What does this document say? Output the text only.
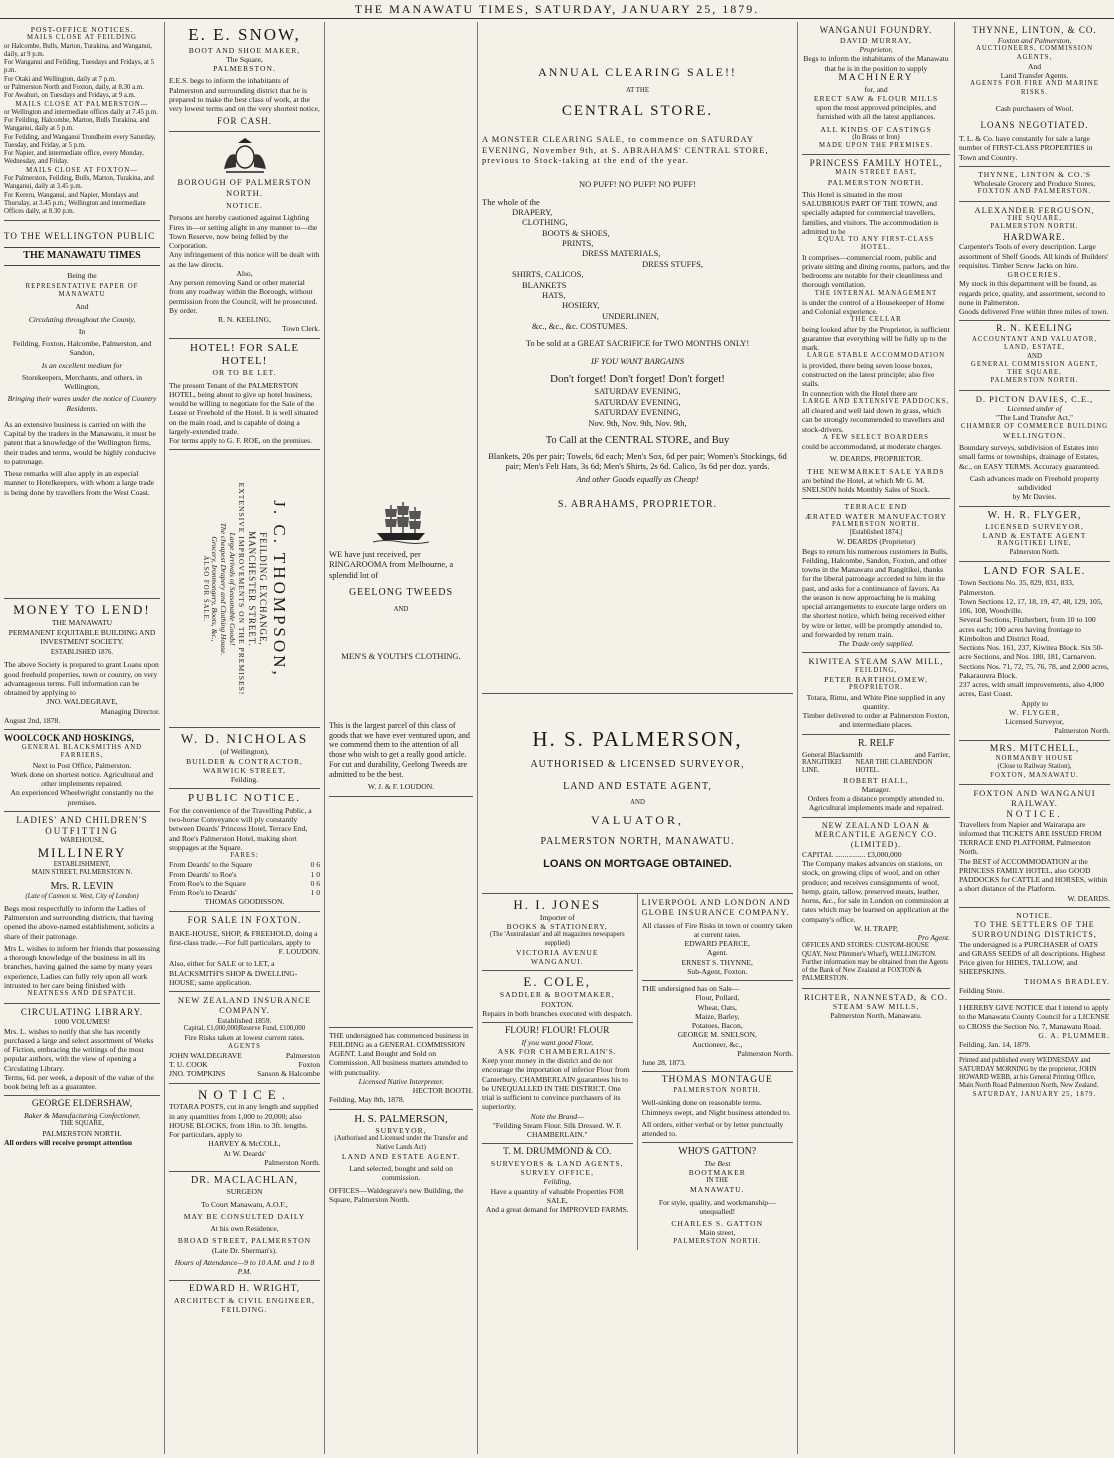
THE MANAWATU TIMES, SATURDAY, JANUARY 25, 1879.
POST-OFFICE NOTICES.
MAILS CLOSE AT FEILDING
or Halcombe, Bulls, Marton, Turakina, and Wanganui, daily, at 9 p.m.
For Wanganui and Feilding, Tuesdays and Fridays, at 5 p.m.
For Otaki and Wellington, daily at 7 p.m.
or Palmerston North and Foxton, daily, at 8.30 a.m.
For Awahuri, on Tuesdays and Fridays, at 9 a.m.
MAILS CLOSE AT PALMERSTON—
or Wellington and intermediate offices daily at 7.45 p.m.
For Feilding, Halcombe, Marton, Bulls Turakina, and Wanganui, daily at 5 p.m.
For Feilding, and Wanganui Trondheim every Saturday, Tuesday, and Friday, at 5 p.m.
For Napier, and intermediate office, every Monday, Wednesday, and Friday.
MAILS CLOSE AT FOXTON—
For Palmerston, Feilding, Bulls, Marton, Turakina, and Wanganui, daily at 3.45 p.m.
For Kereru, Wanganui, and Napier, Mondays and Thursday, at 3.45 p.m.; Wellington and intermediate Offices daily, at 8.30 p.m.
TO THE WELLINGTON PUBLIC
THE MANAWATU TIMES
Being the
REPRESENTATIVE PAPER OF MANAWATU
And
Circulating throughout the County,
In
Feilding, Foxton, Halcombe, Palmerston, and Sandon,
Is an excellent medium for
Storekeepers, Merchants, and others, in Wellington,
Bringing their wares under the notice of Country Residents.
As an extensive business is carried on with the Capital by the traders in the Manawatu, it must be patent that a knowledge of the Wellington firms, their trades and terms, would be highly conducive to patronage.
These remarks will also apply in an especial manner to Hotelkeepers, with whom a large trade is being done by travellers from the West Coast.
MONEY TO LEND!
THE MANAWATU
PERMANENT EQUITABLE BUILDING AND INVESTMENT SOCIETY.
ESTABLISHED 1876.
The above Society is prepared to grant Loans upon good freehold properties, town or country, on very advantageous terms. Full information can be obtained by applying to
JNO. WALDEGRAVE,
Managing Director.
August 2nd, 1878.
WOOLCOCK AND HOSKINGS,
GENERAL BLACKSMITHS AND FARRIERS,
Next to Post Office, Palmerston.
Work done on shortest notice. Agricultural and other implements repaired.
An experienced Wheelwright constantly no the premises.
LADIES' AND CHILDREN'S
OUTFITTING
WAREHOUSE,
MILLINERY
ESTABLISHMENT,
MAIN STREET, PALMERSTON N.
Mrs. R. LEVIN
(Late of Cannon st. West, City of London)
Begs most respectfully to inform the Ladies of Palmerston and surrounding districts, that having opened the above-named establishment, solicits a share of their patronage.
Mrs L. wishes to inform her friends that possessing a thorough knowledge of the business in all its branches, having gained the same by many years experience, Ladies can fully rely upon all work intrusted to her care being finished with
NEATNESS AND DESPATCH.
CIRCULATING LIBRARY.
1000 VOLUMES!
Mrs. L. wishes to notify that she has recently purchased a large and select assortment of Works of Fiction, embracing the writings of the most popular authors, with the view of opening a Circulating Library.
Terms, 6d. per week, a deposit of the value of the book being left as a guarantee.
GEORGE ELDERSHAW,
Baker & Manufacturing Confectioner,
THE SQUARE,
PALMERSTON NORTH.
All orders will receive prompt attention
E. E. SNOW,
BOOT AND SHOE MAKER,
The Square,
PALMERSTON.
E.E.S. begs to inform the inhabitants of Palmerston and surrounding district that he is prepared to make the best class of work, at the very lowest terms and on the very shortest notice,
FOR CASH.
BOROUGH OF PALMERSTON NORTH.
NOTICE.
Persons are hereby cautioned against Lighting Fires in—or setting alight in any manner to—the Town Reserve, now being felled by the Corporation.
Any infringement of this notice will be dealt with as the law directs.
Also,
Any person removing Sand or other material from any roadway within the Borough, without permission from the Council, will be prosecuted.
By order.
R. N. KEELING,
Town Clerk.
HOTEL! FOR SALE HOTEL!
OR TO BE LET.
The present Tenant of the PALMERSTON HOTEL, being about to give up hotel business, would be willing to negotiate for the Sale of the Lease or Freehold of the Hotel. It is well situated on the main road, and is capable of doing a largely-extended trade.
For terms apply to G. F. ROE, on the premises.
J. C. THOMPSON,
FEILDING EXCHANGE,
MANCHESTER STREET.
EXTENSIVE IMPROVEMENTS ON THE PREMISES!
Large Arrivals of Seasonable Goods!
The cheapest Drapery and Clothing House.
Grocery, Ironmongery, Boots, &c.,
ALSO FOR SALE.
W. D. NICHOLAS
(of Wellington),
BUILDER & CONTRACTOR,
WARWICK STREET,
Feilding.
PUBLIC NOTICE.
For the convenience of the Travelling Public, a two-horse Conveyance will ply constantly between Deards' Princess Hotel, Terrace End, and Roe's Palmerston Hotel, making short stoppages at the Square.
FARES:
From Deards' to the Square	0 6
From Deards' to Roe's	1 0
From Roe's to the Square	0 6
From Roe's to Deards'	1 0
THOMAS GOODISSON.
FOR SALE IN FOXTON.
BAKE-HOUSE, SHOP, & FREEHOLD, doing a first-class trade.—For full particulars, apply to
F. LOUDON.
Also, either for SALE or to LET, a BLACKSMITH'S SHOP & DWELLING-HOUSE; same application.
NEW ZEALAND INSURANCE COMPANY.
Established 1859.
Capital, £1,000,000|Reserve Fund, £100,000
Fire Risks taken at lowest current rates.
AGENTS
JOHN WALDEGRAVE	Palmerston
T. U. COOK	Foxton
JNO. TOMPKINS	Sanson & Halcombe
NOTICE.
TOTARA POSTS, cut in any length and supplied in any quantities from 1,000 to 20,000; also HOUSE BLOCKS, from 18in. to 3ft. lengths. For particulars, apply to
HARVEY & McCOLL,
At W. Deards'
Palmerston North.
DR. MACLACHLAN,
SURGEON
To Court Manawatu, A.O.F.,
MAY BE CONSULTED DAILY
At his own Residence,
BROAD STREET, PALMERSTON
(Late Dr. Sherman's).
Hours of Attendance—9 to 10 A.M. and 1 to 8 P.M.
EDWARD H. WRIGHT,
ARCHITECT & CIVIL ENGINEER,
FEILDING.
WE have just received, per RINGAROOMA from Melbourne, a splendid lot of
GEELONG TWEEDS
AND
MEN'S & YOUTH'S CLOTHING.
This is the largest parcel of this class of goods that we have ever ventured upon, and we commend them to the attention of all those who wish to get a really good article. For cut and durability, Geelong Tweeds are admitted to be the best.
W. J. & F. LOUDON.
THE undersigned has commenced business in FEILDING as a GENERAL COMMISSION AGENT. Land Bought and Sold on Commission. All business matters attended to with punctuality.
Licensed Native Interpreter.
HECTOR BOOTH.
Feilding, May 8th, 1878.
H. S. PALMERSON,
SURVEYOR,
(Authorised and Licensed under the Transfer and Native Lands Act)
LAND AND ESTATE AGENT.
Land selected, bought and sold on commission.
OFFICES—Waldegrave's new Building, the Square, Palmerston North.
ANNUAL CLEARING SALE!!
AT THE
CENTRAL STORE.
A MONSTER CLEARING SALE, to commence on SATURDAY EVENING, November 9th, at S. ABRAHAMS' CENTRAL STORE, previous to Stock-taking at the end of the year.
NO PUFF! NO PUFF! NO PUFF!
The whole of the
DRAPERY,
CLOTHING,
BOOTS & SHOES,
PRINTS,
DRESS MATERIALS,
DRESS STUFFS,
SHIRTS, CALICOS,
BLANKETS
HATS,
HOSIERY,
UNDERLINEN,
&c., &c., &c. COSTUMES.
To be sold at a GREAT SACRIFICE for TWO MONTHS ONLY!
IF YOU WANT BARGAINS
Don't forget! Don't forget! Don't forget!
SATURDAY EVENING,
SATURDAY EVENING,
SATURDAY EVENING,
Nov. 9th, Nov. 9th, Nov. 9th,
To Call at the CENTRAL STORE, and Buy
Blankets, 20s per pair; Towels, 6d each; Men's Sox, 6d per pair; Women's Stockings, 6d pair; Men's Felt Hats, 3s 6d; Men's Shirts, 2s 6d. Calico, 3s 6d per doz. yards.
And other Goods equally as Cheap!
S. ABRAHAMS, PROPRIETOR.
H. S. PALMERSON,
AUTHORISED & LICENSED SURVEYOR,
LAND AND ESTATE AGENT,
AND
VALUATOR,
PALMERSTON NORTH, MANAWATU.
LOANS ON MORTGAGE OBTAINED.
H. I. JONES
Importer of
BOOKS & STATIONERY,
(The 'Australasian' and all magazines newspapers supplied)
VICTORIA AVENUE
WANGANUI.
E. COLE,
SADDLER & BOOTMAKER,
FOXTON.
Repairs in both branches executed with despatch.
FLOUR! FLOUR! FLOUR
If you want good Flour,
ASK FOR CHAMBERLAIN'S.
Keep your money in the district and do not encourage the importation of inferior Flour from Canterbury. CHAMBERLAIN guarantees his to be UNEQUALLED IN THE DISTRICT. One trial is sufficient to convince purchasers of its superiority.
Note the Brand—
"Feilding Steam Flour. Silk Dressed. W. F. CHAMBERLAIN."
T. M. DRUMMOND & CO.
SURVEYORS & LAND AGENTS,
SURVEY OFFICE,
Feilding,
Have a quantity of valuable Properties FOR SALE,
And a great demand for IMPROVED FARMS.
LIVERPOOL AND LONDON AND GLOBE INSURANCE COMPANY.
All classes of Fire Risks in town or country taken at current rates.
EDWARD PEARCE,
Agent.
ERNEST S. THYNNE,
Sub-Agent, Foxton.
THE undersigned has on Sale—
Flour, Pollard,
Wheat, Oats,
Maize, Barley,
Potatoes, Bacon,
GEORGE M. SNELSON,
Auctioneer, &c.,
Palmerston North.
June 28, 1873.
THOMAS MONTAGUE
PALMERSTON NORTH.
Well-sinking done on reasonable terms. Chimneys swept, and Night business attended to.
All orders, either verbal or by letter punctually attended to.
WHO'S GATTON?
The Best
BOOTMAKER
IN THE
MANAWATU.
For style, quality, and workmanship—unequalled!
CHARLES S. GATTON
Main street,
PALMERSTON NORTH.
WANGANUI FOUNDRY.
DAVID MURRAY,
Proprietor,
Begs to inform the inhabitants of the Manawatu that he is in the position to supply
MACHINERY
for, and
ERECT SAW & FLOUR MILLS
upon the most approved principles, and furnished with all the latest appliances.
ALL KINDS OF CASTINGS
(In Brass or Iron)
MADE UPON THE PREMISES.
PRINCESS FAMILY HOTEL,
MAIN STREET EAST,
PALMERSTON NORTH.
This Hotel is situated in the most SALUBRIOUS PART OF THE TOWN, and specially adapted for commercial travellers, families, and visitors. The accommodation is admitted to be
EQUAL TO ANY FIRST-CLASS HOTEL.
It comprises—commercial room, public and private sitting and dining rooms, parlors, and the bedrooms are notable for their cleanliness and thorough ventilation.
THE INTERNAL MANAGEMENT
is under the control of a Housekeeper of Home and Colonial experience.
THE CELLAR
being looked after by the Proprietor, is sufficient guarantee that everything will be fully up to the mark.
LARGE STABLE ACCOMMODATION
is provided, there being seven loose boxes, constructed on the latest principle; also five stalls.
In connection with the Hotel there are
LARGE AND EXTENSIVE PADDOCKS,
all cleared and well laid down in grass, which can be strongly recommended to travellers and stock-drivers.
A FEW SELECT BOARDERS
could be accommodated, at moderate charges.
W. DEARDS, PROPRIETOR.
THE NEWMARKET SALE YARDS
are behind the Hotel, at which Mr G. M. SNELSON holds Monthly Sales of Stock.
TERRACE END
ÆRATED WATER MANUFACTORY
PALMERSTON NORTH.
[Established 1874.]
W. DEARDS (Proprietor)
Begs to return his numerous customers in Bulls, Feilding, Halcombe, Sandon, Foxton, and other towns in the Manawatu and Rangitikei, thanks for the liberal patronage accorded to him in the past, and asks for a continuance of favors. As the season is now approaching he is making special arrangements to execute large orders on the shortest notice, which being received either by wire or letter, will be promptly attended to, and forwarded by return train.
The Trade only supplied.
KIWITEA STEAM SAW MILL,
FEILDING,
PETER BARTHOLOMEW,
PROPRIETOR.
Totara, Rimu, and White Pine supplied in any quantity.
Timber delivered to order at Palmerston Foxton, and intermediate places.
R. RELF
General Blacksmith	and Farrier,
RANGITIKEI LINE.
NEAR THE CLARENDON HOTEL.
ROBERT HALL,
Manager.
Orders from a distance promptly attended to.
Agricultural implements made and repaired.
NEW ZEALAND LOAN & MERCANTILE AGENCY CO. (LIMITED).
CAPITAL ................ £3,000,000
The Company makes advances on stations, on stock, on growing clips of wool, and on other produce; and receives consignments of wool, hemp, grain, tallow, preserved meats, leather, horns, &c., for sale in London on commission at rates which may be learned on application at the company's office.
W. H. TRAPP,
Pro Agent.
OFFICES AND STORES: CUSTOM-HOUSE QUAY, Next Plimmer's Wharf), WELLINGTON.
Further information may be obtained from the Agents of the Bank of New Zealand at FOXTON & PALMERSTON.
RICHTER, NANNESTAD, & CO.
STEAM SAW MILLS,
Palmerston North, Manawatu.
THYNNE, LINTON, & CO.
Foxton and Palmerston,
AUCTIONEERS, COMMISSION AGENTS,
And
Land Transfer Agents.
AGENTS FOR FIRE AND MARINE RISKS.
Cash purchasers of Wool.
LOANS NEGOTIATED.
T. L. & Co. have constantly for sale a large number of FIRST-CLASS PROPERTIES in Town and Country.
THYNNE, LINTON & CO.'S
Wholesale Grocery and Produce Stores,
FOXTON AND PALMERSTON.
ALEXANDER FERGUSON,
THE SQUARE,
PALMERSTON NORTH.
HARDWARE.
Carpenter's Tools of every description. Large assortment of Shelf Goods. All kinds of Builders' requisites. Timber Screw Jacks on hire.
GROCERIES.
My stock in this department will be found, as regards price, quality, and assortment, second to none in Palmerston.
Goods delivered Free within three miles of town.
R. N. KEELING
ACCOUNTANT AND VALUATOR,
LAND, ESTATE,
AND
GENERAL COMMISSION AGENT,
THE SQUARE,
PALMERSTON NORTH.
D. PICTON DAVIES, C.E.,
Licensed under of
"The Land Transfer Act,"
CHAMBER OF COMMERCE BUILDING
WELLINGTON.
Boundary surveys, subdivision of Estates into small farms or townships, drainage of Estates, &c., on EASY TERMS. Accuracy guaranteed.
Cash advances made on Freehold property subdivided
by Mr Davies.
W. H. R. FLYGER,
LICENSED SURVEYOR,
LAND & ESTATE AGENT
RANGITIKEI LINE,
Palmerston North.
LAND FOR SALE.
Town Sections No. 35, 829, 831, 833, Palmerston.
Town Sections 12, 17, 18, 19, 47, 48, 129, 105, 106, 108, Woodville.
Several Sections, Fitzherbert, from 10 to 100 acres each; 100 acres having frontage to Kimbolton and District Road.
Sections Nos. 161, 237, Kiwitea Block. Six 50-acre Sections, and Nos. 180, 181, Carnarvon.
Sections Nos. 71, 72, 75, 76, 78, and 2,000 acres, Pakaraurera Block.
237 acres, with small improvements, also 4,000 acres, East Coast.
Apply to
W. FLYGER,
Licensed Surveyor,
Palmerston North.
MRS. MITCHELL,
NORMANBY HOUSE
(Close to Railway Station),
FOXTON, MANAWATU.
FOXTON AND WANGANUI RAILWAY.
NOTICE.
Travellers from Napier and Wairarapa are informed that TICKETS ARE ISSUED FROM TERRACE END PLATFORM, Palmerston North.
The BEST of ACCOMMODATION at the PRINCESS FAMILY HOTEL, also GOOD PADDOCKS for CATTLE and HORSES, within a short distance of the Platform.
W. DEARDS.
NOTICE.
TO THE SETTLERS OF THE SURROUNDING DISTRICTS,
The undersigned is a PURCHASER of OATS and GRASS SEEDS of all descriptions. Highest Price given for HIDES, TALLOW, and SHEEPSKINS.
THOMAS BRADLEY.
Feilding Store.
I HEREBY GIVE NOTICE that I intend to apply to the Manawatu County Council for a LICENSE to CROSS the Section No. 7, Manawatu Road.
G. A. PLUMMER.
Feilding, Jan. 14, 1879.
Printed and published every WEDNESDAY and SATURDAY MORNING by the proprietor, JOHN HOWARD WEBB, at his General Printing Office, Main North Road Palmerston North, New Zealand.
SATURDAY, JANUARY 25, 1879.
